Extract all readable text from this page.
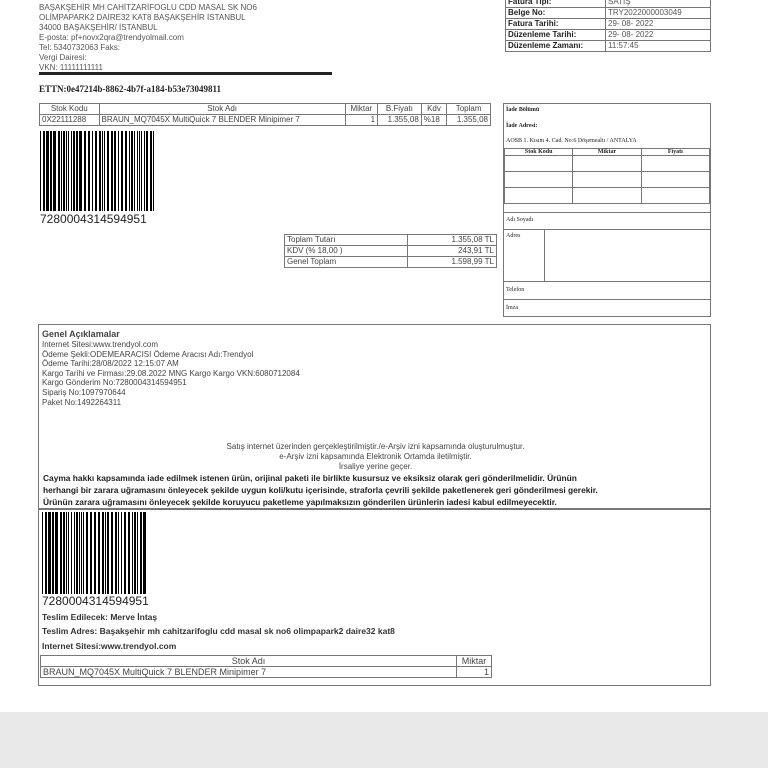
BAŞAKŞEHİR MH CAHİTZARİFOGLU CDD MASAL SK NO6
OLİMPAPARK2 DAİRE32 KAT8 BAŞAKŞEHİR İSTANBUL
34000 BAŞAKŞEHİR/ İSTANBUL
E-posta: pf+novx2qra@trendyolmail.com
Tel: 5340732063 Faks:
Vergi Dairesi:
VKN: 11111111111
Fatura Tipi:	SATIŞ
Belge No:	TRY2022000003049
Fatura Tarihi:	29- 08- 2022
Düzenleme Tarihi:	29- 08- 2022
Düzenleme Zamanı:	11:57:45
ETTN:0e47214b-8862-4b7f-a184-b53e73049811
Stok Kodu	Stok Adı	Miktar	B.Fiyatı	Kdv	Toplam
0X22111288	BRAUN_MQ7045X MultiQuick 7 BLENDER Minipimer 7	1	1.355,08	%18	1.355,08
7280004314594951
Toplam Tutarı	1.355,08 TL
KDV (% 18,00 )	243,91 TL
Genel Toplam	1.598,99 TL
İade Bölümü
İade Adresi:
AOSB 1. Kısım 4. Cad. No:6 Döşemealtı / ANTALYA
Stok Kodu	Miktar	Fiyatı

Adı Soyadı
Adres
Telefon
İmza
Genel Açıklamalar
Internet Sitesi:www.trendyol.com
Ödeme Şekli:ODEMEARACISI Ödeme Aracısı Adı:Trendyol
Ödeme Tarihi:28/08/2022 12:15:07 AM
Kargo Tarihi ve Firması:29.08.2022 MNG Kargo Kargo VKN:6080712084
Kargo Gönderim No:7280004314594951
Sipariş No:1097970644
Paket No:1492264311
Satış internet üzerinden gerçekleştirilmiştir./e-Arşiv izni kapsamında oluşturulmuştur.
e-Arşiv izni kapsamında Elektronik Ortamda iletilmiştir.
İrsaliye yerine geçer.
Cayma hakkı kapsamında iade edilmek istenen ürün, orijinal paketi ile birlikte kusursuz ve eksiksiz olarak geri gönderilmelidir. Ürünün
herhangi bir zarara uğramasını önleyecek şekilde uygun koli/kutu içerisinde, straforla çevrili şekilde paketlenerek geri gönderilmesi gerekir.
Ürünün zarara uğramasını önleyecek şekilde koruyucu paketleme yapılmaksızın gönderilen ürünlerin iadesi kabul edilmeyecektir.
7280004314594951
Teslim Edilecek: Merve İntaş
Teslim Adres: Başakşehir mh cahitzarifoglu cdd masal sk no6 olimpapark2 daire32 kat8
Internet Sitesi:www.trendyol.com
Stok Adı	Miktar
BRAUN_MQ7045X MultiQuick 7 BLENDER Minipimer 7	1
